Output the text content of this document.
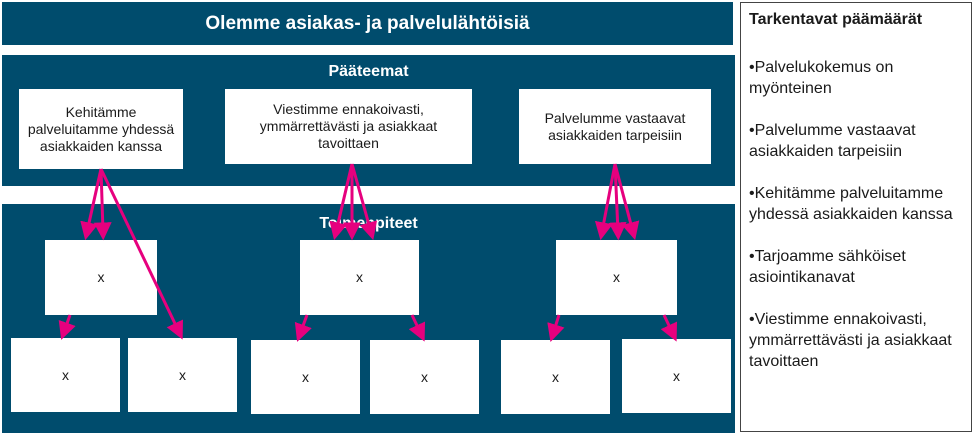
Olemme asiakas- ja palvelulähtöisiä
Pääteemat
Toimenpiteet
Kehitämme palveluitamme yhdessä asiakkaiden kanssa
Viestimme ennakoivasti, ymmärrettävästi ja asiakkaat tavoittaen
Palvelumme vastaavat asiakkaiden tarpeisiin
x	x	x
x	x	x	x	x	x
Tarkentavat päämäärät
•Palvelukokemus on myönteinen
•Palvelumme vastaavat asiakkaiden tarpeisiin
•Kehitämme palveluitamme yhdessä asiakkaiden kanssa
•Tarjoamme sähköiset asiointikanavat
•Viestimme ennakoivasti, ymmärrettävästi ja asiakkaat tavoittaen
